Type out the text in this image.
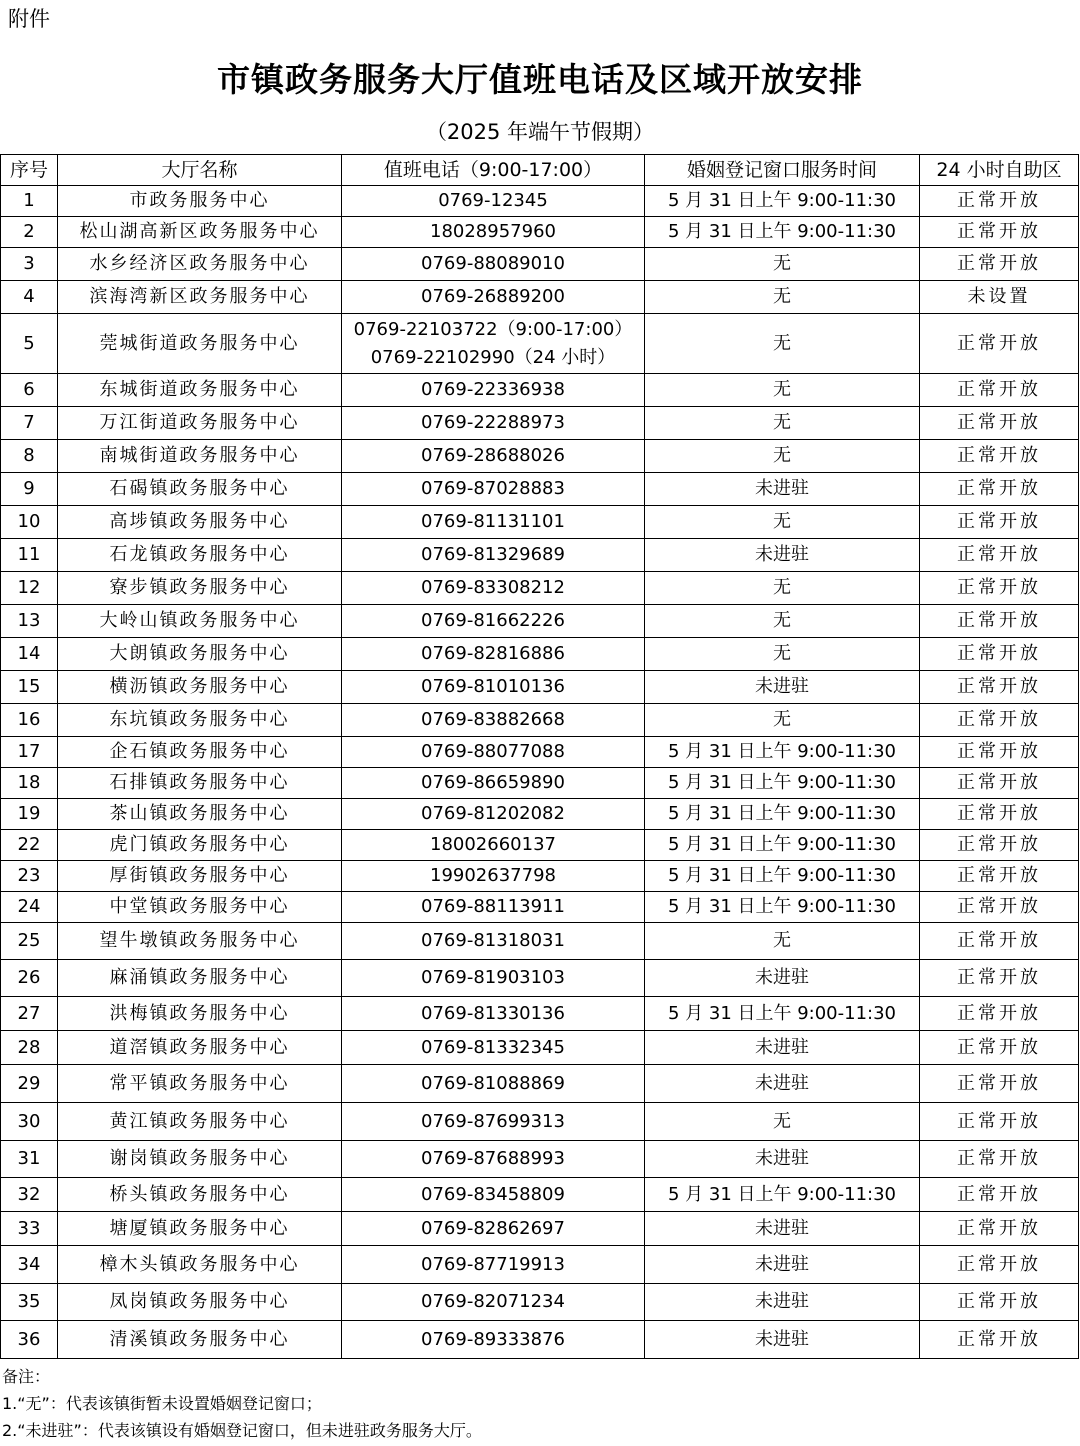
附件
市镇政务服务大厅值班电话及区域开放安排
（2025 年端午节假期）
序号	大厅名称	值班电话（9:00-17:00）	婚姻登记窗口服务时间	24 小时自助区
1	市政务服务中心	0769-12345	5 月 31 日上午 9:00-11:30	正常开放
2	松山湖高新区政务服务中心	18028957960	5 月 31 日上午 9:00-11:30	正常开放
3	水乡经济区政务服务中心	0769-88089010	无	正常开放
4	滨海湾新区政务服务中心	0769-26889200	无	未设置
5	莞城街道政务服务中心	0769-22103722（9:00-17:00）
0769-22102990（24 小时）	无	正常开放
6	东城街道政务服务中心	0769-22336938	无	正常开放
7	万江街道政务服务中心	0769-22288973	无	正常开放
8	南城街道政务服务中心	0769-28688026	无	正常开放
9	石碣镇政务服务中心	0769-87028883	未进驻	正常开放
10	高埗镇政务服务中心	0769-81131101	无	正常开放
11	石龙镇政务服务中心	0769-81329689	未进驻	正常开放
12	寮步镇政务服务中心	0769-83308212	无	正常开放
13	大岭山镇政务服务中心	0769-81662226	无	正常开放
14	大朗镇政务服务中心	0769-82816886	无	正常开放
15	横沥镇政务服务中心	0769-81010136	未进驻	正常开放
16	东坑镇政务服务中心	0769-83882668	无	正常开放
17	企石镇政务服务中心	0769-88077088	5 月 31 日上午 9:00-11:30	正常开放
18	石排镇政务服务中心	0769-86659890	5 月 31 日上午 9:00-11:30	正常开放
19	茶山镇政务服务中心	0769-81202082	5 月 31 日上午 9:00-11:30	正常开放
22	虎门镇政务服务中心	18002660137	5 月 31 日上午 9:00-11:30	正常开放
23	厚街镇政务服务中心	19902637798	5 月 31 日上午 9:00-11:30	正常开放
24	中堂镇政务服务中心	0769-88113911	5 月 31 日上午 9:00-11:30	正常开放
25	望牛墩镇政务服务中心	0769-81318031	无	正常开放
26	麻涌镇政务服务中心	0769-81903103	未进驻	正常开放
27	洪梅镇政务服务中心	0769-81330136	5 月 31 日上午 9:00-11:30	正常开放
28	道滘镇政务服务中心	0769-81332345	未进驻	正常开放
29	常平镇政务服务中心	0769-81088869	未进驻	正常开放
30	黄江镇政务服务中心	0769-87699313	无	正常开放
31	谢岗镇政务服务中心	0769-87688993	未进驻	正常开放
32	桥头镇政务服务中心	0769-83458809	5 月 31 日上午 9:00-11:30	正常开放
33	塘厦镇政务服务中心	0769-82862697	未进驻	正常开放
34	樟木头镇政务服务中心	0769-87719913	未进驻	正常开放
35	凤岗镇政务服务中心	0769-82071234	未进驻	正常开放
36	清溪镇政务服务中心	0769-89333876	未进驻	正常开放
备注：
1.“无”：代表该镇街暂未设置婚姻登记窗口；
2.“未进驻”：代表该镇设有婚姻登记窗口，但未进驻政务服务大厅。
